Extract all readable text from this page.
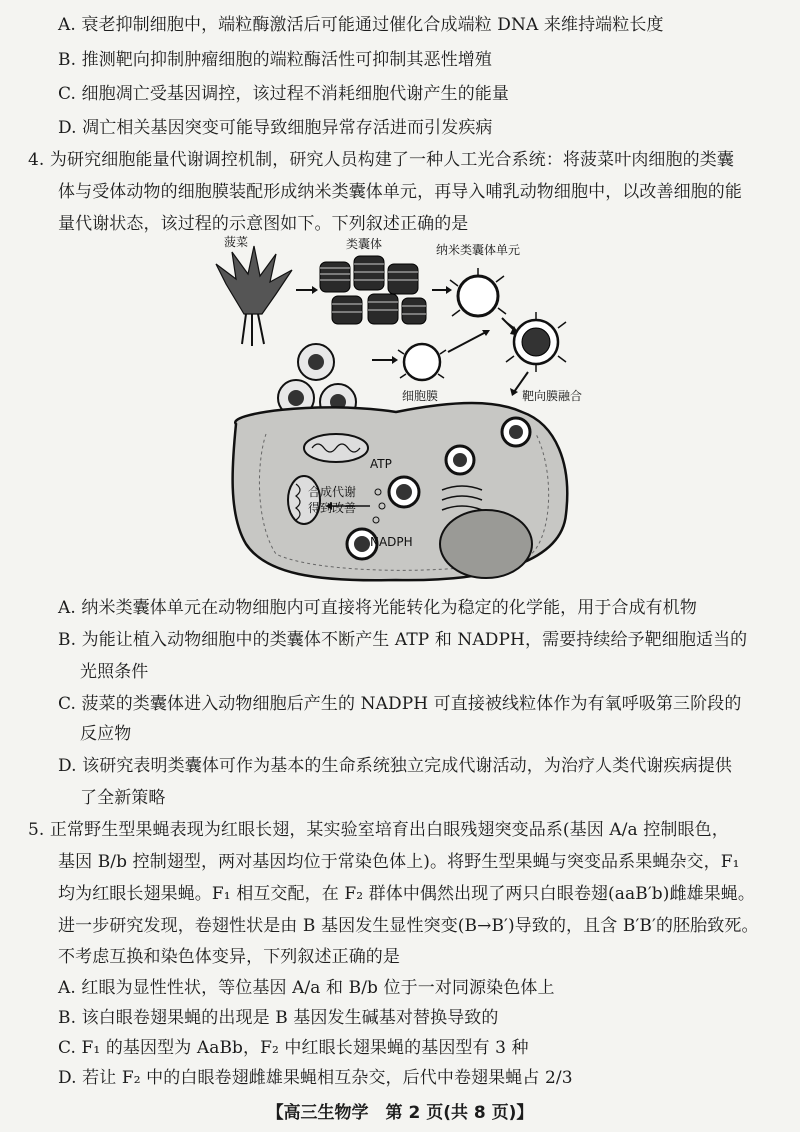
A. 衰老抑制细胞中，端粒酶激活后可能通过催化合成端粒 DNA 来维持端粒长度
B. 推测靶向抑制肿瘤细胞的端粒酶活性可抑制其恶性增殖
C. 细胞凋亡受基因调控，该过程不消耗细胞代谢产生的能量
D. 凋亡相关基因突变可能导致细胞异常存活进而引发疾病
4. 为研究细胞能量代谢调控机制，研究人员构建了一种人工光合系统：将菠菜叶肉细胞的类囊
体与受体动物的细胞膜装配形成纳米类囊体单元，再导入哺乳动物细胞中，以改善细胞的能
量代谢状态，该过程的示意图如下。下列叙述正确的是
菠菜	类囊体	纳米类囊体单元
细胞膜	靶向膜融合
ATP
NADPH
合成代谢
得到改善
A. 纳米类囊体单元在动物细胞内可直接将光能转化为稳定的化学能，用于合成有机物
B. 为能让植入动物细胞中的类囊体不断产生 ATP 和 NADPH，需要持续给予靶细胞适当的
光照条件
C. 菠菜的类囊体进入动物细胞后产生的 NADPH 可直接被线粒体作为有氧呼吸第三阶段的
反应物
D. 该研究表明类囊体可作为基本的生命系统独立完成代谢活动，为治疗人类代谢疾病提供
了全新策略
5. 正常野生型果蝇表现为红眼长翅，某实验室培育出白眼残翅突变品系(基因 A/a 控制眼色，
基因 B/b 控制翅型，两对基因均位于常染色体上)。将野生型果蝇与突变品系果蝇杂交，F₁
均为红眼长翅果蝇。F₁ 相互交配，在 F₂ 群体中偶然出现了两只白眼卷翅(aaB′b)雌雄果蝇。
进一步研究发现，卷翅性状是由 B 基因发生显性突变(B→B′)导致的，且含 B′B′的胚胎致死。
不考虑互换和染色体变异，下列叙述正确的是
A. 红眼为显性性状，等位基因 A/a 和 B/b 位于一对同源染色体上
B. 该白眼卷翅果蝇的出现是 B 基因发生碱基对替换导致的
C. F₁ 的基因型为 AaBb，F₂ 中红眼长翅果蝇的基因型有 3 种
D. 若让 F₂ 中的白眼卷翅雌雄果蝇相互杂交，后代中卷翅果蝇占 2/3
【高三生物学　第 2 页(共 8 页)】
